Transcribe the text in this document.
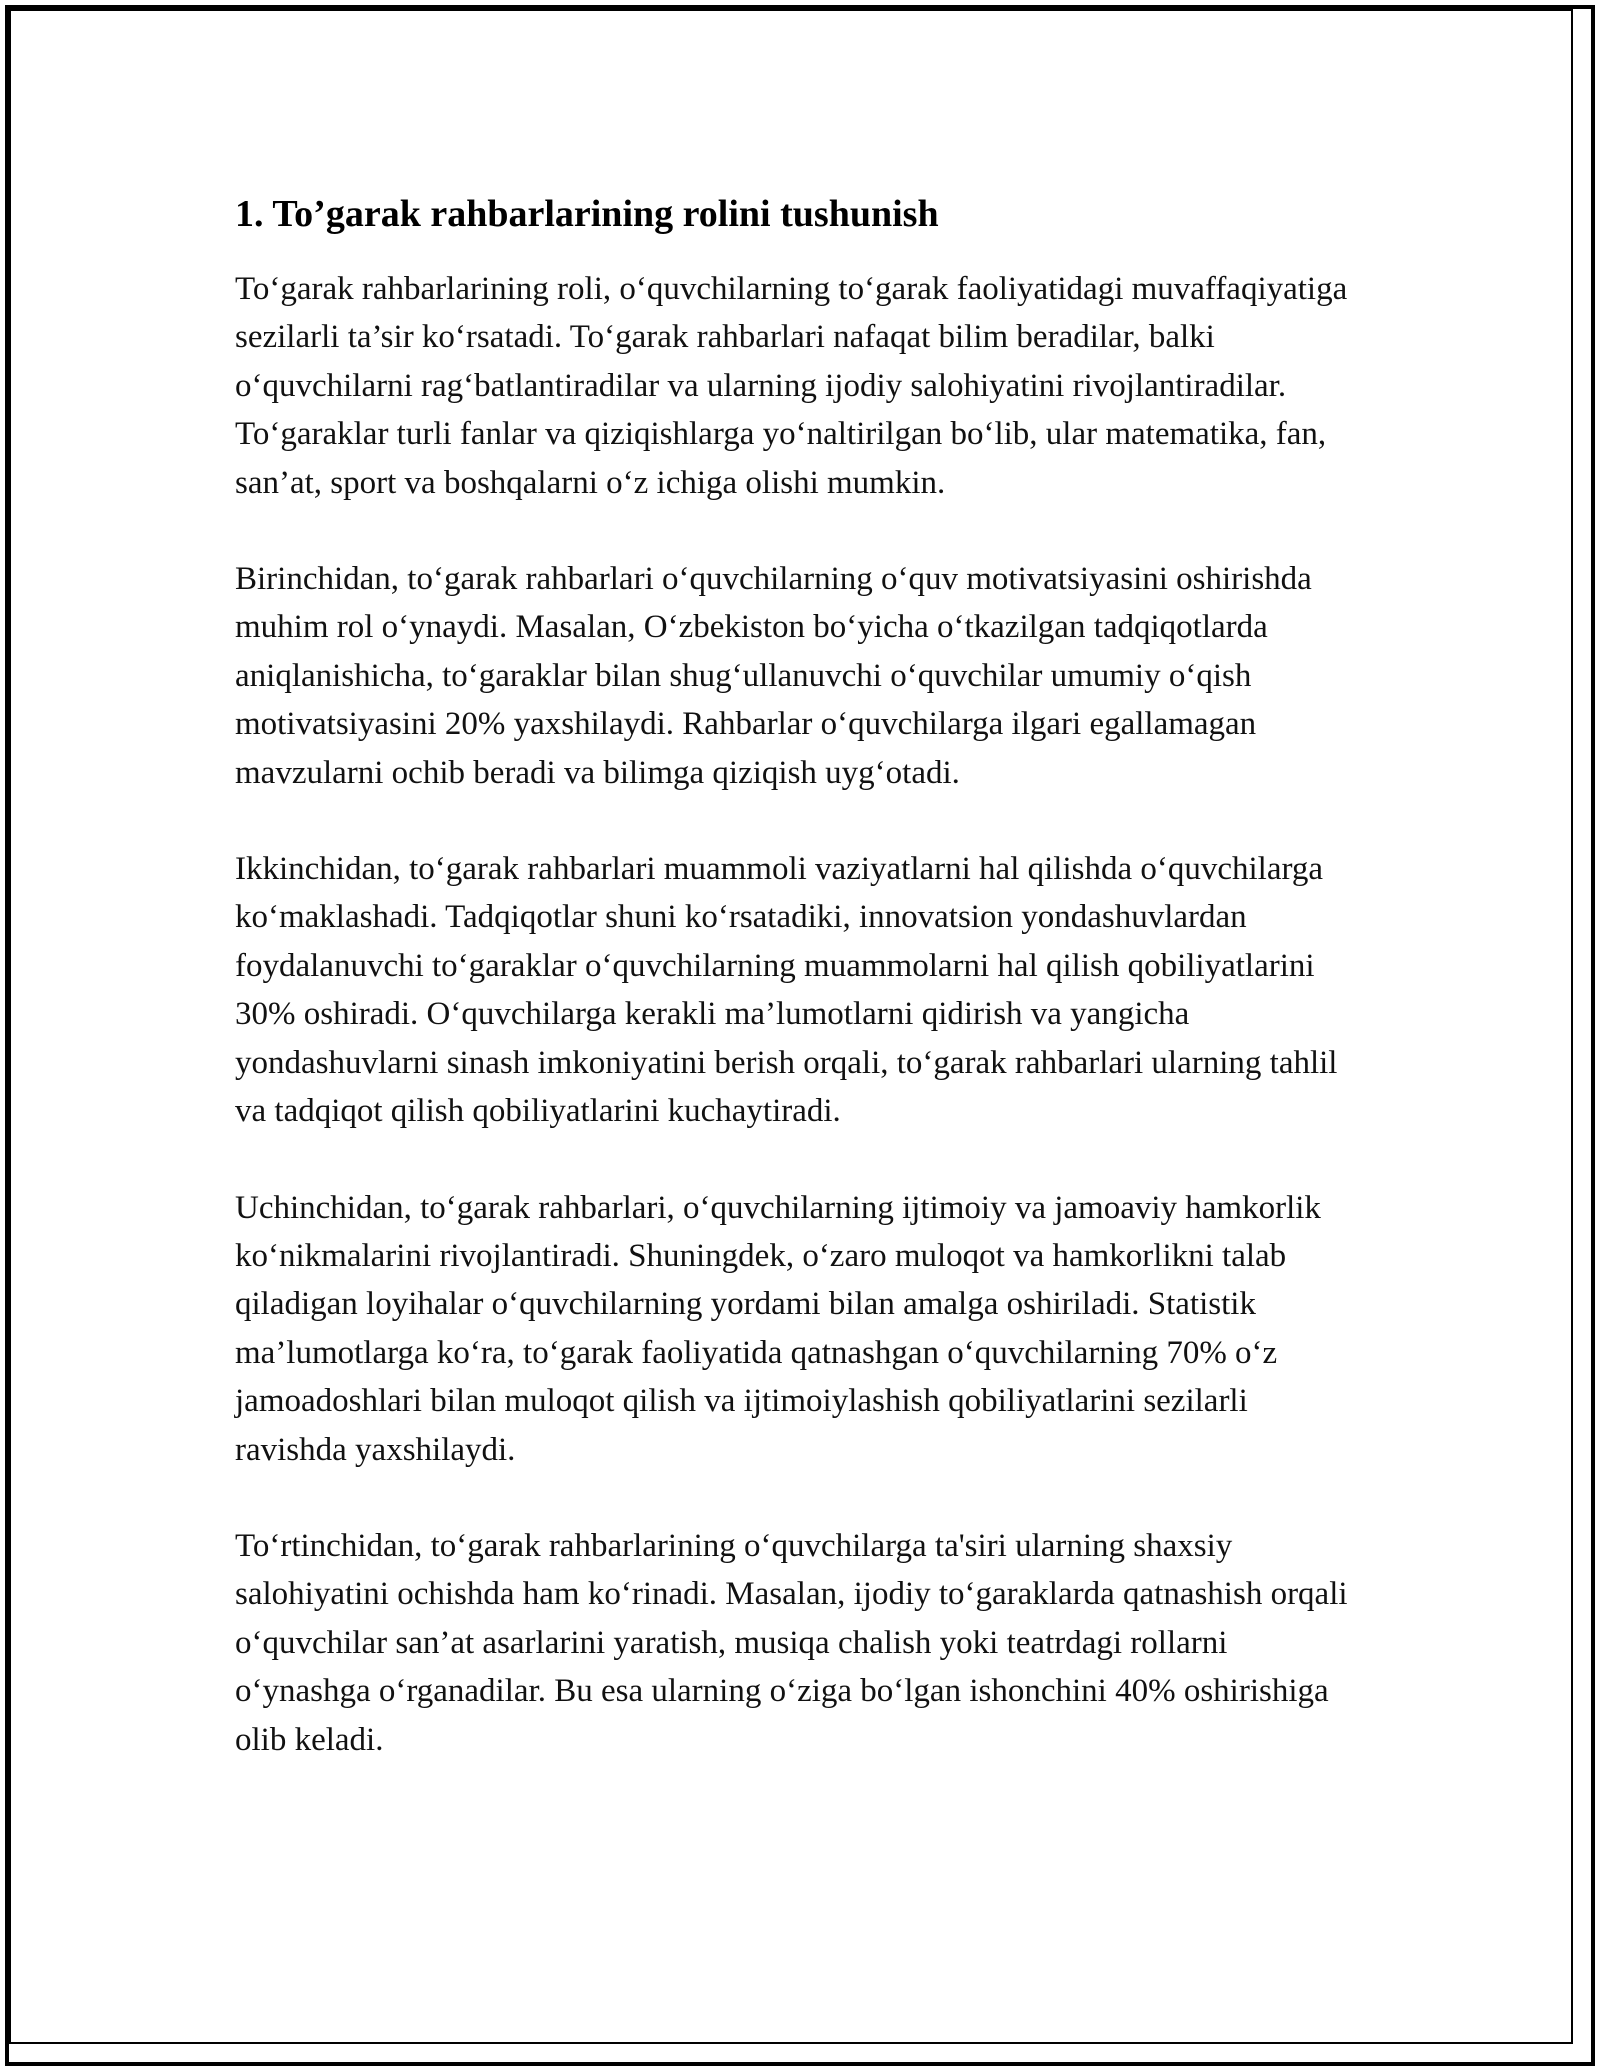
1. To’garak rahbarlarining rolini tushunish

To‘garak rahbarlarining roli, o‘quvchilarning to‘garak faoliyatidagi muvaffaqiyatiga sezilarli ta’sir ko‘rsatadi. To‘garak rahbarlari nafaqat bilim beradilar, balki o‘quvchilarni rag‘batlantiradilar va ularning ijodiy salohiyatini rivojlantiradilar. To‘garaklar turli fanlar va qiziqishlarga yo‘naltirilgan bo‘lib, ular matematika, fan, san’at, sport va boshqalarni o‘z ichiga olishi mumkin.

Birinchidan, to‘garak rahbarlari o‘quvchilarning o‘quv motivatsiyasini oshirishda muhim rol o‘ynaydi. Masalan, O‘zbekiston bo‘yicha o‘tkazilgan tadqiqotlarda aniqlanishicha, to‘garaklar bilan shug‘ullanuvchi o‘quvchilar umumiy o‘qish motivatsiyasini 20% yaxshilaydi. Rahbarlar o‘quvchilarga ilgari egallamagan mavzularni ochib beradi va bilimga qiziqish uyg‘otadi.

Ikkinchidan, to‘garak rahbarlari muammoli vaziyatlarni hal qilishda o‘quvchilarga ko‘maklashadi. Tadqiqotlar shuni ko‘rsatadiki, innovatsion yondashuvlardan foydalanuvchi to‘garaklar o‘quvchilarning muammolarni hal qilish qobiliyatlarini 30% oshiradi. O‘quvchilarga kerakli ma’lumotlarni qidirish va yangicha yondashuvlarni sinash imkoniyatini berish orqali, to‘garak rahbarlari ularning tahlil va tadqiqot qilish qobiliyatlarini kuchaytiradi.

Uchinchidan, to‘garak rahbarlari, o‘quvchilarning ijtimoiy va jamoaviy hamkorlik ko‘nikmalarini rivojlantiradi. Shuningdek, o‘zaro muloqot va hamkorlikni talab qiladigan loyihalar o‘quvchilarning yordami bilan amalga oshiriladi. Statistik ma’lumotlarga ko‘ra, to‘garak faoliyatida qatnashgan o‘quvchilarning 70% o‘z jamoadoshlari bilan muloqot qilish va ijtimoiylashish qobiliyatlarini sezilarli ravishda yaxshilaydi.

To‘rtinchidan, to‘garak rahbarlarining o‘quvchilarga ta'siri ularning shaxsiy salohiyatini ochishda ham ko‘rinadi. Masalan, ijodiy to‘garaklarda qatnashish orqali o‘quvchilar san’at asarlarini yaratish, musiqa chalish yoki teatrdagi rollarni o‘ynashga o‘rganadilar. Bu esa ularning o‘ziga bo‘lgan ishonchini 40% oshirishiga olib keladi.
